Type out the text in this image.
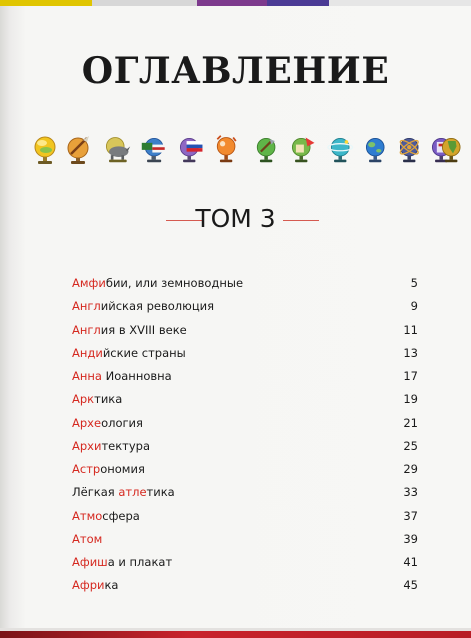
ОГЛАВЛЕНИЕ
ТОМ 3
Амфибии, или земноводные	5
Английская революция	9
Англия в XVIII веке	11
Андийские страны	13
Анна Иоанновна	17
Арктика	19
Археология	21
Архитектура	25
Астрономия	29
Лёгкая атлетика	33
Атмосфера	37
Атом	39
Афиша и плакат	41
Африка	45
